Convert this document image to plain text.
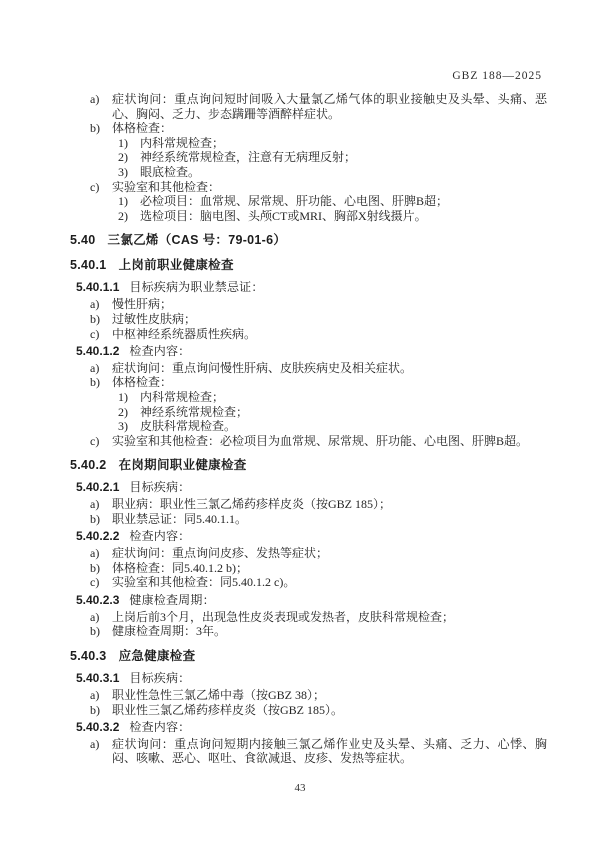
GBZ 188—2025
a)	症状询问：重点询问短时间吸入大量氯乙烯气体的职业接触史及头晕、头痛、恶心、胸闷、乏力、步态蹒跚等酒醉样症状。
b)	体格检查：
1)	内科常规检查；
2)	神经系统常规检查，注意有无病理反射；
3)	眼底检查。
c)	实验室和其他检查：
1)	必检项目：血常规、尿常规、肝功能、心电图、肝脾B超；
2)	选检项目：脑电图、头颅CT或MRI、胸部X射线摄片。
5.40 三氯乙烯（CAS 号：79-01-6）
5.40.1 上岗前职业健康检查
5.40.1.1 目标疾病为职业禁忌证：
a)	慢性肝病；
b)	过敏性皮肤病；
c)	中枢神经系统器质性疾病。
5.40.1.2 检查内容：
a)	症状询问：重点询问慢性肝病、皮肤疾病史及相关症状。
b)	体格检查：
1)	内科常规检查；
2)	神经系统常规检查；
3)	皮肤科常规检查。
c)	实验室和其他检查：必检项目为血常规、尿常规、肝功能、心电图、肝脾B超。
5.40.2 在岗期间职业健康检查
5.40.2.1 目标疾病：
a)	职业病：职业性三氯乙烯药疹样皮炎（按GBZ 185）；
b)	职业禁忌证：同5.40.1.1。
5.40.2.2 检查内容：
a)	症状询问：重点询问皮疹、发热等症状；
b)	体格检查：同5.40.1.2 b)；
c)	实验室和其他检查：同5.40.1.2 c)。
5.40.2.3 健康检查周期：
a)	上岗后前3个月，出现急性皮炎表现或发热者，皮肤科常规检查；
b)	健康检查周期：3年。
5.40.3 应急健康检查
5.40.3.1 目标疾病：
a)	职业性急性三氯乙烯中毒（按GBZ 38）；
b)	职业性三氯乙烯药疹样皮炎（按GBZ 185）。
5.40.3.2 检查内容：
a)	症状询问：重点询问短期内接触三氯乙烯作业史及头晕、头痛、乏力、心悸、胸闷、咳嗽、恶心、呕吐、食欲减退、皮疹、发热等症状。
43
